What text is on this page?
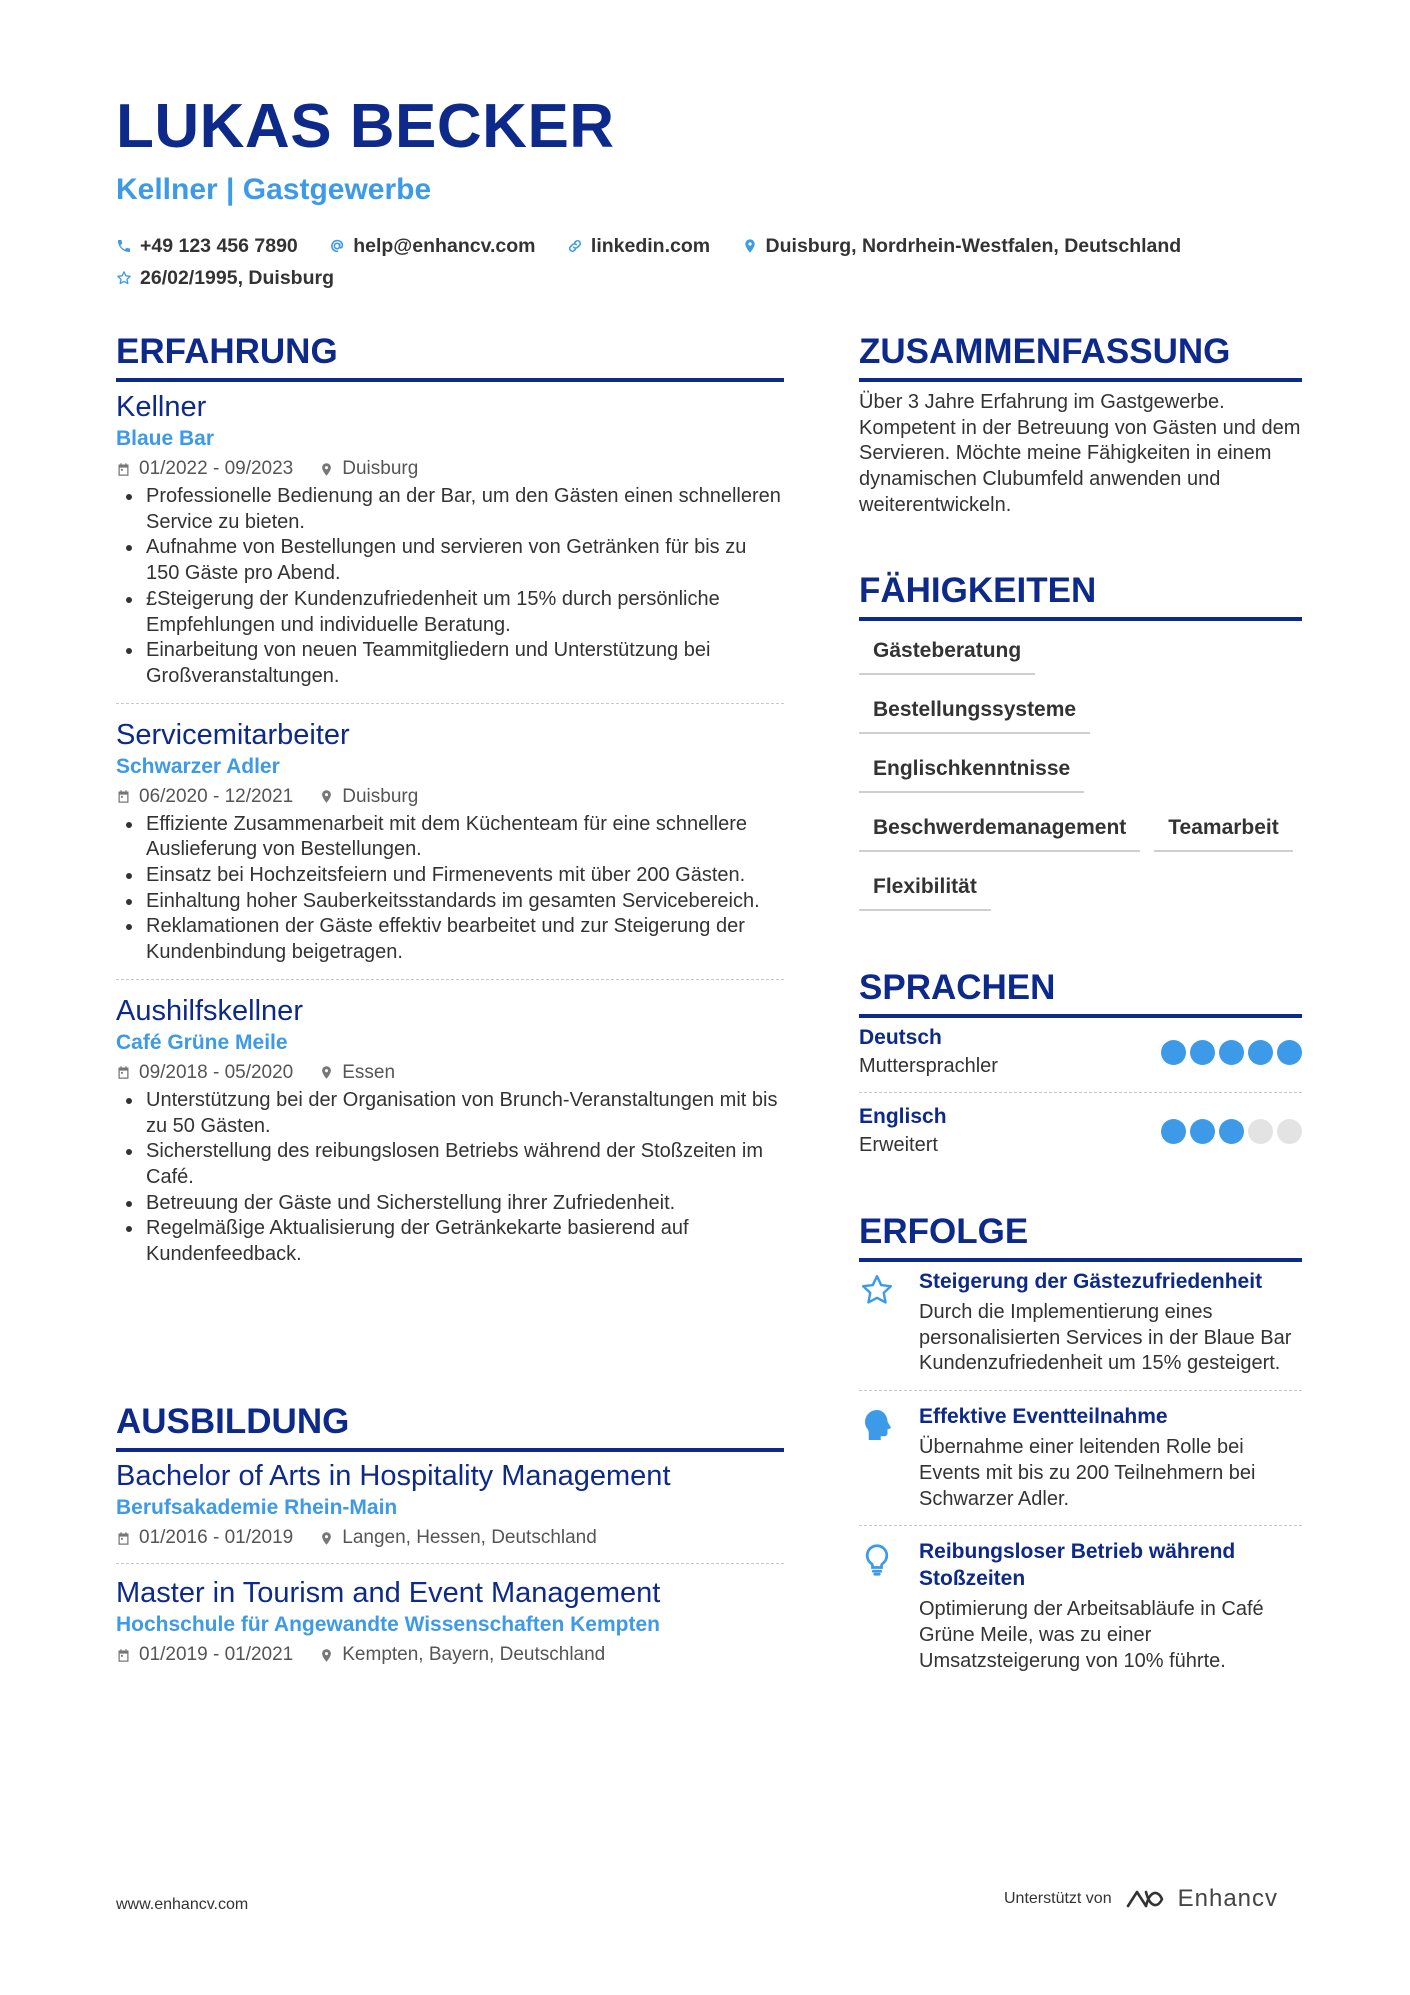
LUKAS BECKER
Kellner | Gastgewerbe
+49 123 456 7890
	help@enhancv.com
	linkedin.com
	Duisburg, Nordrhein-Westfalen, Deutschland

26/02/1995, Duisburg
ERFAHRUNG
Kellner
Blaue Bar
01/2022 - 09/2023	Duisburg
• Professionelle Bedienung an der Bar, um den Gästen einen schnelleren Service zu bieten.
• Aufnahme von Bestellungen und servieren von Getränken für bis zu 150 Gäste pro Abend.
• £Steigerung der Kundenzufriedenheit um 15% durch persönliche Empfehlungen und individuelle Beratung.
• Einarbeitung von neuen Teammitgliedern und Unterstützung bei Großveranstaltungen.
Servicemitarbeiter
Schwarzer Adler
06/2020 - 12/2021	Duisburg
• Effiziente Zusammenarbeit mit dem Küchenteam für eine schnellere Auslieferung von Bestellungen.
• Einsatz bei Hochzeitsfeiern und Firmenevents mit über 200 Gästen.
• Einhaltung hoher Sauberkeitsstandards im gesamten Servicebereich.
• Reklamationen der Gäste effektiv bearbeitet und zur Steigerung der Kundenbindung beigetragen.
Aushilfskellner
Café Grüne Meile
09/2018 - 05/2020	Essen
• Unterstützung bei der Organisation von Brunch-Veranstaltungen mit bis zu 50 Gästen.
• Sicherstellung des reibungslosen Betriebs während der Stoßzeiten im Café.
• Betreuung der Gäste und Sicherstellung ihrer Zufriedenheit.
• Regelmäßige Aktualisierung der Getränkekarte basierend auf Kundenfeedback.
AUSBILDUNG
Bachelor of Arts in Hospitality Management
Berufsakademie Rhein-Main
01/2016 - 01/2019	Langen, Hessen, Deutschland
Master in Tourism and Event Management
Hochschule für Angewandte Wissenschaften Kempten
01/2019 - 01/2021	Kempten, Bayern, Deutschland
ZUSAMMENFASSUNG
Über 3 Jahre Erfahrung im Gastgewerbe. Kompetent in der Betreuung von Gästen und dem Servieren. Möchte meine Fähigkeiten in einem dynamischen Clubumfeld anwenden und weiterentwickeln.
FÄHIGKEITEN
Gästeberatung
Bestellungssysteme
Englischkenntnisse
Beschwerdemanagement	Teamarbeit
Flexibilität
SPRACHEN
Deutsch
Muttersprachler
Englisch
Erweitert
ERFOLGE
Steigerung der Gästezufriedenheit
Durch die Implementierung eines personalisierten Services in der Blaue Bar Kundenzufriedenheit um 15% gesteigert.
Effektive Eventteilnahme
Übernahme einer leitenden Rolle bei Events mit bis zu 200 Teilnehmern bei Schwarzer Adler.
Reibungsloser Betrieb während Stoßzeiten
Optimierung der Arbeitsabläufe in Café Grüne Meile, was zu einer Umsatzsteigerung von 10% führte.
www.enhancv.com	Unterstützt von	Enhancv
